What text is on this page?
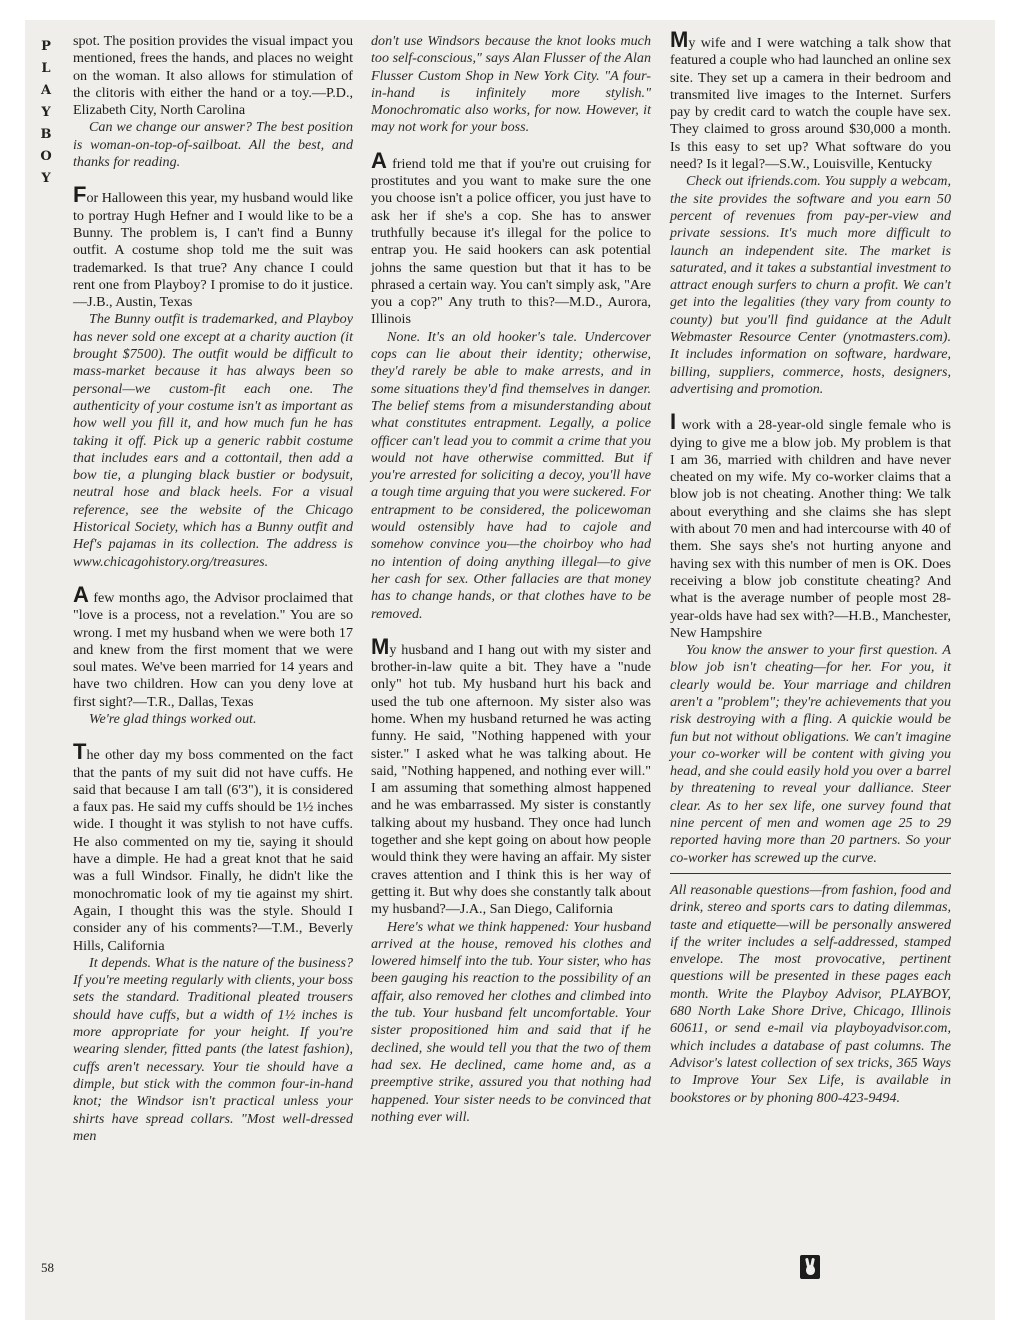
PLAYBOY
58

spot. The position provides the visual impact you mentioned, frees the hands, and places no weight on the woman. It also allows for stimulation of the clitoris with either the hand or a toy.—P.D., Elizabeth City, North Carolina

Can we change our answer? The best position is woman-on-top-of-sailboat. All the best, and thanks for reading.

For Halloween this year, my husband would like to portray Hugh Hefner and I would like to be a Bunny. The problem is, I can't find a Bunny outfit. A costume shop told me the suit was trademarked. Is that true? Any chance I could rent one from Playboy? I promise to do it justice.—J.B., Austin, Texas

The Bunny outfit is trademarked, and Playboy has never sold one except at a charity auction (it brought $7500). The outfit would be difficult to mass-market because it has always been so personal—we custom-fit each one. The authenticity of your costume isn't as important as how well you fill it, and how much fun he has taking it off. Pick up a generic rabbit costume that includes ears and a cottontail, then add a bow tie, a plunging black bustier or bodysuit, neutral hose and black heels. For a visual reference, see the website of the Chicago Historical Society, which has a Bunny outfit and Hef's pajamas in its collection. The address is www.chicagohistory.org/treasures.

A few months ago, the Advisor proclaimed that "love is a process, not a revelation." You are so wrong. I met my husband when we were both 17 and knew from the first moment that we were soul mates. We've been married for 14 years and have two children. How can you deny love at first sight?—T.R., Dallas, Texas

We're glad things worked out.

The other day my boss commented on the fact that the pants of my suit did not have cuffs. He said that because I am tall (6'3"), it is considered a faux pas. He said my cuffs should be 1½ inches wide. I thought it was stylish to not have cuffs. He also commented on my tie, saying it should have a dimple. He had a great knot that he said was a full Windsor. Finally, he didn't like the monochromatic look of my tie against my shirt. Again, I thought this was the style. Should I consider any of his comments?—T.M., Beverly Hills, California

It depends. What is the nature of the business? If you're meeting regularly with clients, your boss sets the standard. Traditional pleated trousers should have cuffs, but a width of 1½ inches is more appropriate for your height. If you're wearing slender, fitted pants (the latest fashion), cuffs aren't necessary. Your tie should have a dimple, but stick with the common four-in-hand knot; the Windsor isn't practical unless your shirts have spread collars. "Most well-dressed men

don't use Windsors because the knot looks much too self-conscious," says Alan Flusser of the Alan Flusser Custom Shop in New York City. "A four-in-hand is infinitely more stylish." Monochromatic also works, for now. However, it may not work for your boss.

A friend told me that if you're out cruising for prostitutes and you want to make sure the one you choose isn't a police officer, you just have to ask her if she's a cop. She has to answer truthfully because it's illegal for the police to entrap you. He said hookers can ask potential johns the same question but that it has to be phrased a certain way. You can't simply ask, "Are you a cop?" Any truth to this?—M.D., Aurora, Illinois

None. It's an old hooker's tale. Undercover cops can lie about their identity; otherwise, they'd rarely be able to make arrests, and in some situations they'd find themselves in danger. The belief stems from a misunderstanding about what constitutes entrapment. Legally, a police officer can't lead you to commit a crime that you would not have otherwise committed. But if you're arrested for soliciting a decoy, you'll have a tough time arguing that you were suckered. For entrapment to be considered, the policewoman would ostensibly have had to cajole and somehow convince you—the choirboy who had no intention of doing anything illegal—to give her cash for sex. Other fallacies are that money has to change hands, or that clothes have to be removed.

My husband and I hang out with my sister and brother-in-law quite a bit. They have a "nude only" hot tub. My husband hurt his back and used the tub one afternoon. My sister also was home. When my husband returned he was acting funny. He said, "Nothing happened with your sister." I asked what he was talking about. He said, "Nothing happened, and nothing ever will." I am assuming that something almost happened and he was embarrassed. My sister is constantly talking about my husband. They once had lunch together and she kept going on about how people would think they were having an affair. My sister craves attention and I think this is her way of getting it. But why does she constantly talk about my husband?—J.A., San Diego, California

Here's what we think happened: Your husband arrived at the house, removed his clothes and lowered himself into the tub. Your sister, who has been gauging his reaction to the possibility of an affair, also removed her clothes and climbed into the tub. Your husband felt uncomfortable. Your sister propositioned him and said that if he declined, she would tell you that the two of them had sex. He declined, came home and, as a preemptive strike, assured you that nothing had happened. Your sister needs to be convinced that nothing ever will.

My wife and I were watching a talk show that featured a couple who had launched an online sex site. They set up a camera in their bedroom and transmited live images to the Internet. Surfers pay by credit card to watch the couple have sex. They claimed to gross around $30,000 a month. Is this easy to set up? What software do you need? Is it legal?—S.W., Louisville, Kentucky

Check out ifriends.com. You supply a webcam, the site provides the software and you earn 50 percent of revenues from pay-per-view and private sessions. It's much more difficult to launch an independent site. The market is saturated, and it takes a substantial investment to attract enough surfers to churn a profit. We can't get into the legalities (they vary from county to county) but you'll find guidance at the Adult Webmaster Resource Center (ynotmasters.com). It includes information on software, hardware, billing, suppliers, commerce, hosts, designers, advertising and promotion.

I work with a 28-year-old single female who is dying to give me a blow job. My problem is that I am 36, married with children and have never cheated on my wife. My co-worker claims that a blow job is not cheating. Another thing: We talk about everything and she claims she has slept with about 70 men and had intercourse with 40 of them. She says she's not hurting anyone and having sex with this number of men is OK. Does receiving a blow job constitute cheating? And what is the average number of people most 28-year-olds have had sex with?—H.B., Manchester, New Hampshire

You know the answer to your first question. A blow job isn't cheating—for her. For you, it clearly would be. Your marriage and children aren't a "problem"; they're achievements that you risk destroying with a fling. A quickie would be fun but not without obligations. We can't imagine your co-worker will be content with giving you head, and she could easily hold you over a barrel by threatening to reveal your dalliance. Steer clear. As to her sex life, one survey found that nine percent of men and women age 25 to 29 reported having more than 20 partners. So your co-worker has screwed up the curve.

All reasonable questions—from fashion, food and drink, stereo and sports cars to dating dilemmas, taste and etiquette—will be personally answered if the writer includes a self-addressed, stamped envelope. The most provocative, pertinent questions will be presented in these pages each month. Write the Playboy Advisor, PLAYBOY, 680 North Lake Shore Drive, Chicago, Illinois 60611, or send e-mail via playboyadvisor.com, which includes a database of past columns. The Advisor's latest collection of sex tricks, 365 Ways to Improve Your Sex Life, is available in bookstores or by phoning 800-423-9494.
